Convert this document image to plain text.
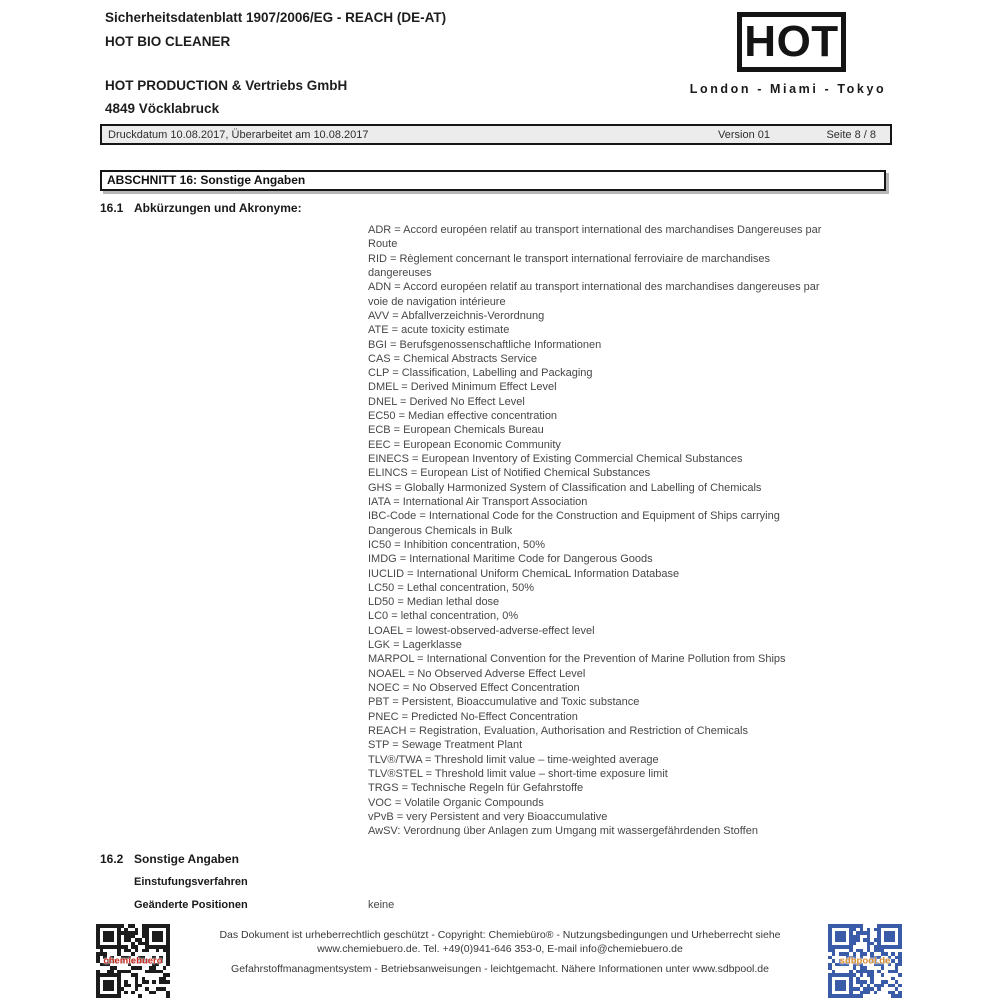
Sicherheitsdatenblatt 1907/2006/EG - REACH (DE-AT)
HOT BIO CLEANER
HOT PRODUCTION & Vertriebs GmbH
4849 Vöcklabruck
HOT
London - Miami - Tokyo
Druckdatum 10.08.2017, Überarbeitet am 10.08.2017	Version 01	Seite 8 / 8
ABSCHNITT 16: Sonstige Angaben
16.1 Abkürzungen und Akronyme:
ADR = Accord européen relatif au transport international des marchandises Dangereuses par
Route
RID = Règlement concernant le transport international ferroviaire de marchandises
dangereuses
ADN = Accord européen relatif au transport international des marchandises dangereuses par
voie de navigation intérieure
AVV = Abfallverzeichnis-Verordnung
ATE = acute toxicity estimate
BGI = Berufsgenossenschaftliche Informationen
CAS = Chemical Abstracts Service
CLP = Classification, Labelling and Packaging
DMEL = Derived Minimum Effect Level
DNEL = Derived No Effect Level
EC50 = Median effective concentration
ECB = European Chemicals Bureau
EEC = European Economic Community
EINECS = European Inventory of Existing Commercial Chemical Substances
ELINCS = European List of Notified Chemical Substances
GHS = Globally Harmonized System of Classification and Labelling of Chemicals
IATA = International Air Transport Association
IBC-Code = International Code for the Construction and Equipment of Ships carrying
Dangerous Chemicals in Bulk
IC50 = Inhibition concentration, 50%
IMDG = International Maritime Code for Dangerous Goods
IUCLID = International Uniform ChemicaL Information Database
LC50 = Lethal concentration, 50%
LD50 = Median lethal dose
LC0 = lethal concentration, 0%
LOAEL = lowest-observed-adverse-effect level
LGK = Lagerklasse
MARPOL = International Convention for the Prevention of Marine Pollution from Ships
NOAEL = No Observed Adverse Effect Level
NOEC = No Observed Effect Concentration
PBT = Persistent, Bioaccumulative and Toxic substance
PNEC = Predicted No-Effect Concentration
REACH = Registration, Evaluation, Authorisation and Restriction of Chemicals
STP = Sewage Treatment Plant
TLV®/TWA = Threshold limit value – time-weighted average
TLV®STEL = Threshold limit value – short-time exposure limit
TRGS = Technische Regeln für Gefahrstoffe
VOC = Volatile Organic Compounds
vPvB = very Persistent and very Bioaccumulative
AwSV: Verordnung über Anlagen zum Umgang mit wassergefährdenden Stoffen
16.2 Sonstige Angaben
Einstufungsverfahren
Geänderte Positionen	keine
chemiebuero
Das Dokument ist urheberrechtlich geschützt - Copyright: Chemiebüro® - Nutzungsbedingungen und Urheberrecht siehe
www.chemiebuero.de. Tel. +49(0)941-646 353-0, E-mail info@chemiebuero.de
Gefahrstoffmanagmentsystem - Betriebsanweisungen - leichtgemacht. Nähere Informationen unter www.sdbpool.de
sdbpool.de
